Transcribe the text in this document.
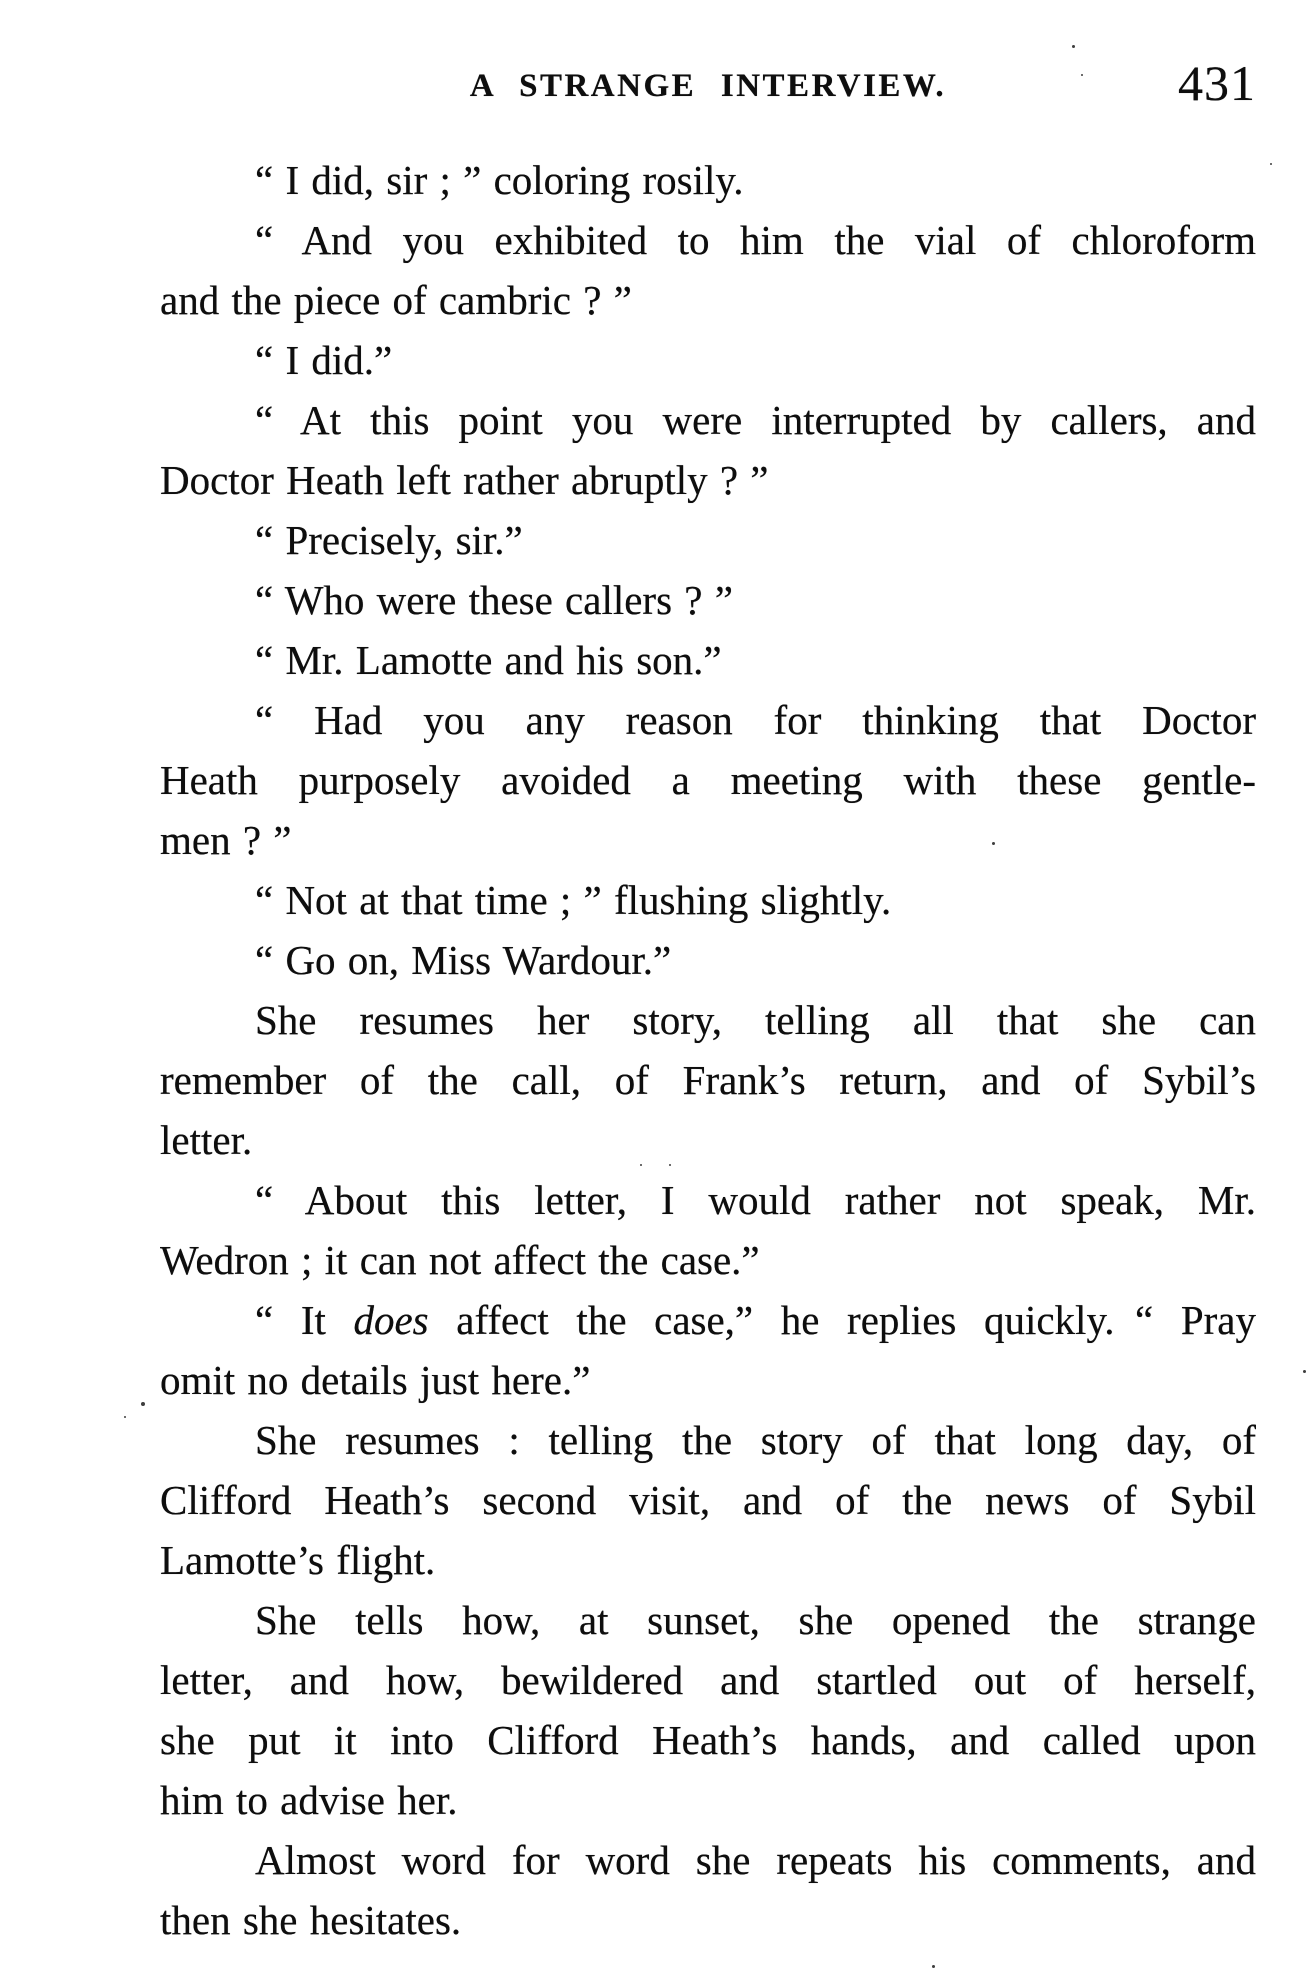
A STRANGE INTERVIEW.	431
“ I did, sir ; ” coloring rosily.
“ And you exhibited to him the vial of chloroform
and the piece of cambric ? ”
“ I did.”
“ At this point you were interrupted by callers, and
Doctor Heath left rather abruptly ? ”
“ Precisely, sir.”
“ Who were these callers ? ”
“ Mr. Lamotte and his son.”
“ Had you any reason for thinking that Doctor
Heath purposely avoided a meeting with these gentle-
men ? ”
“ Not at that time ; ” flushing slightly.
“ Go on, Miss Wardour.”
She resumes her story, telling all that she can
remember of the call, of Frank’s return, and of Sybil’s
letter.
“ About this letter, I would rather not speak, Mr.
Wedron ; it can not affect the case.”
“ It does affect the case,” he replies quickly. “ Pray
omit no details just here.”
She resumes : telling the story of that long day, of
Clifford Heath’s second visit, and of the news of Sybil
Lamotte’s flight.
She tells how, at sunset, she opened the strange
letter, and how, bewildered and startled out of herself,
she put it into Clifford Heath’s hands, and called upon
him to advise her.
Almost word for word she repeats his comments, and
then she hesitates.
